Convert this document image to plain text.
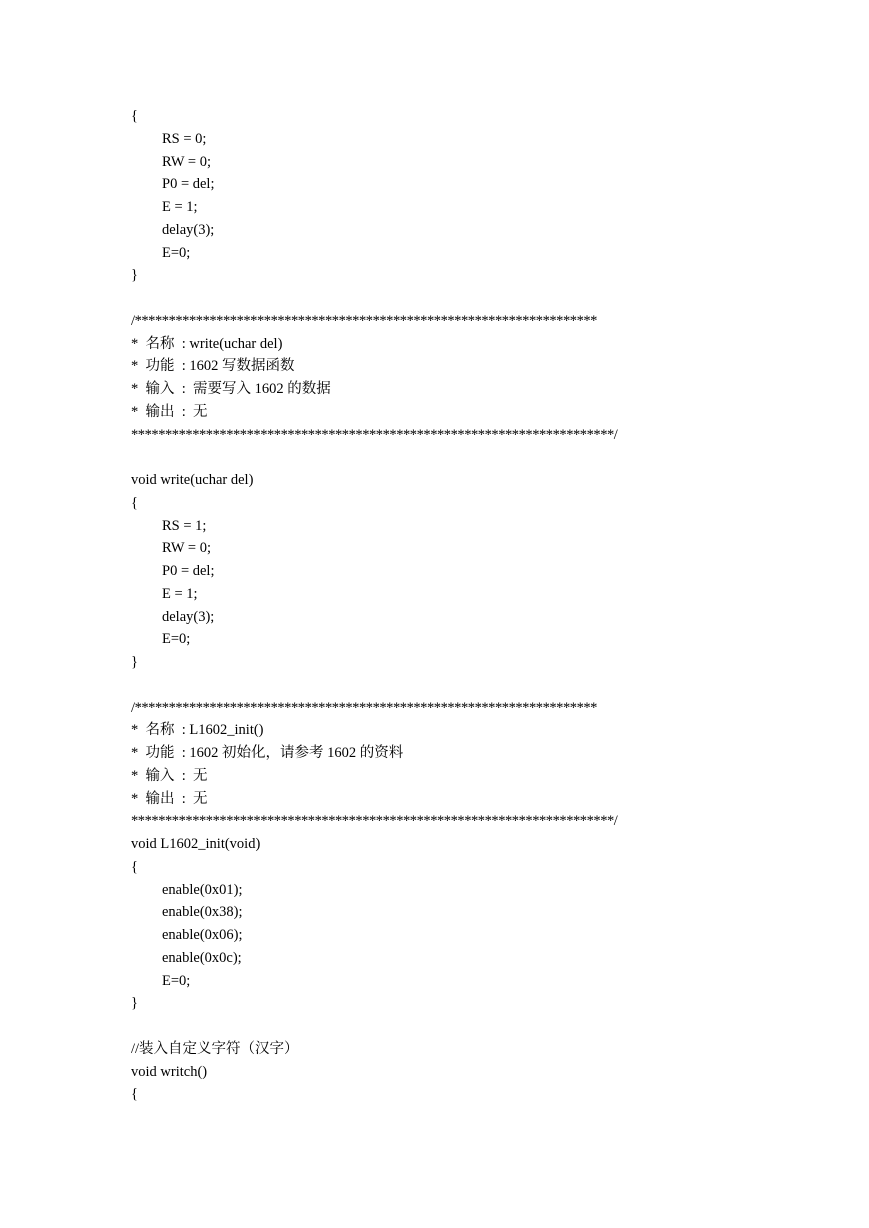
{
RS = 0;
RW = 0;
P0 = del;
E = 1;
delay(3);
E=0;
}
/********************************************************************
*  名称  : write(uchar del)
*  功能  : 1602 写数据函数
*  输入  :  需要写入 1602 的数据
*  输出  :  无
***********************************************************************/
void write(uchar del)
{
RS = 1;
RW = 0;
P0 = del;
E = 1;
delay(3);
E=0;
}
/********************************************************************
*  名称  : L1602_init()
*  功能  : 1602 初始化，请参考 1602 的资料
*  输入  :  无
*  输出  :  无
***********************************************************************/
void L1602_init(void)
{
enable(0x01);
enable(0x38);
enable(0x06);
enable(0x0c);
E=0;
}
//装入自定义字符（汉字）
void writch()
{
